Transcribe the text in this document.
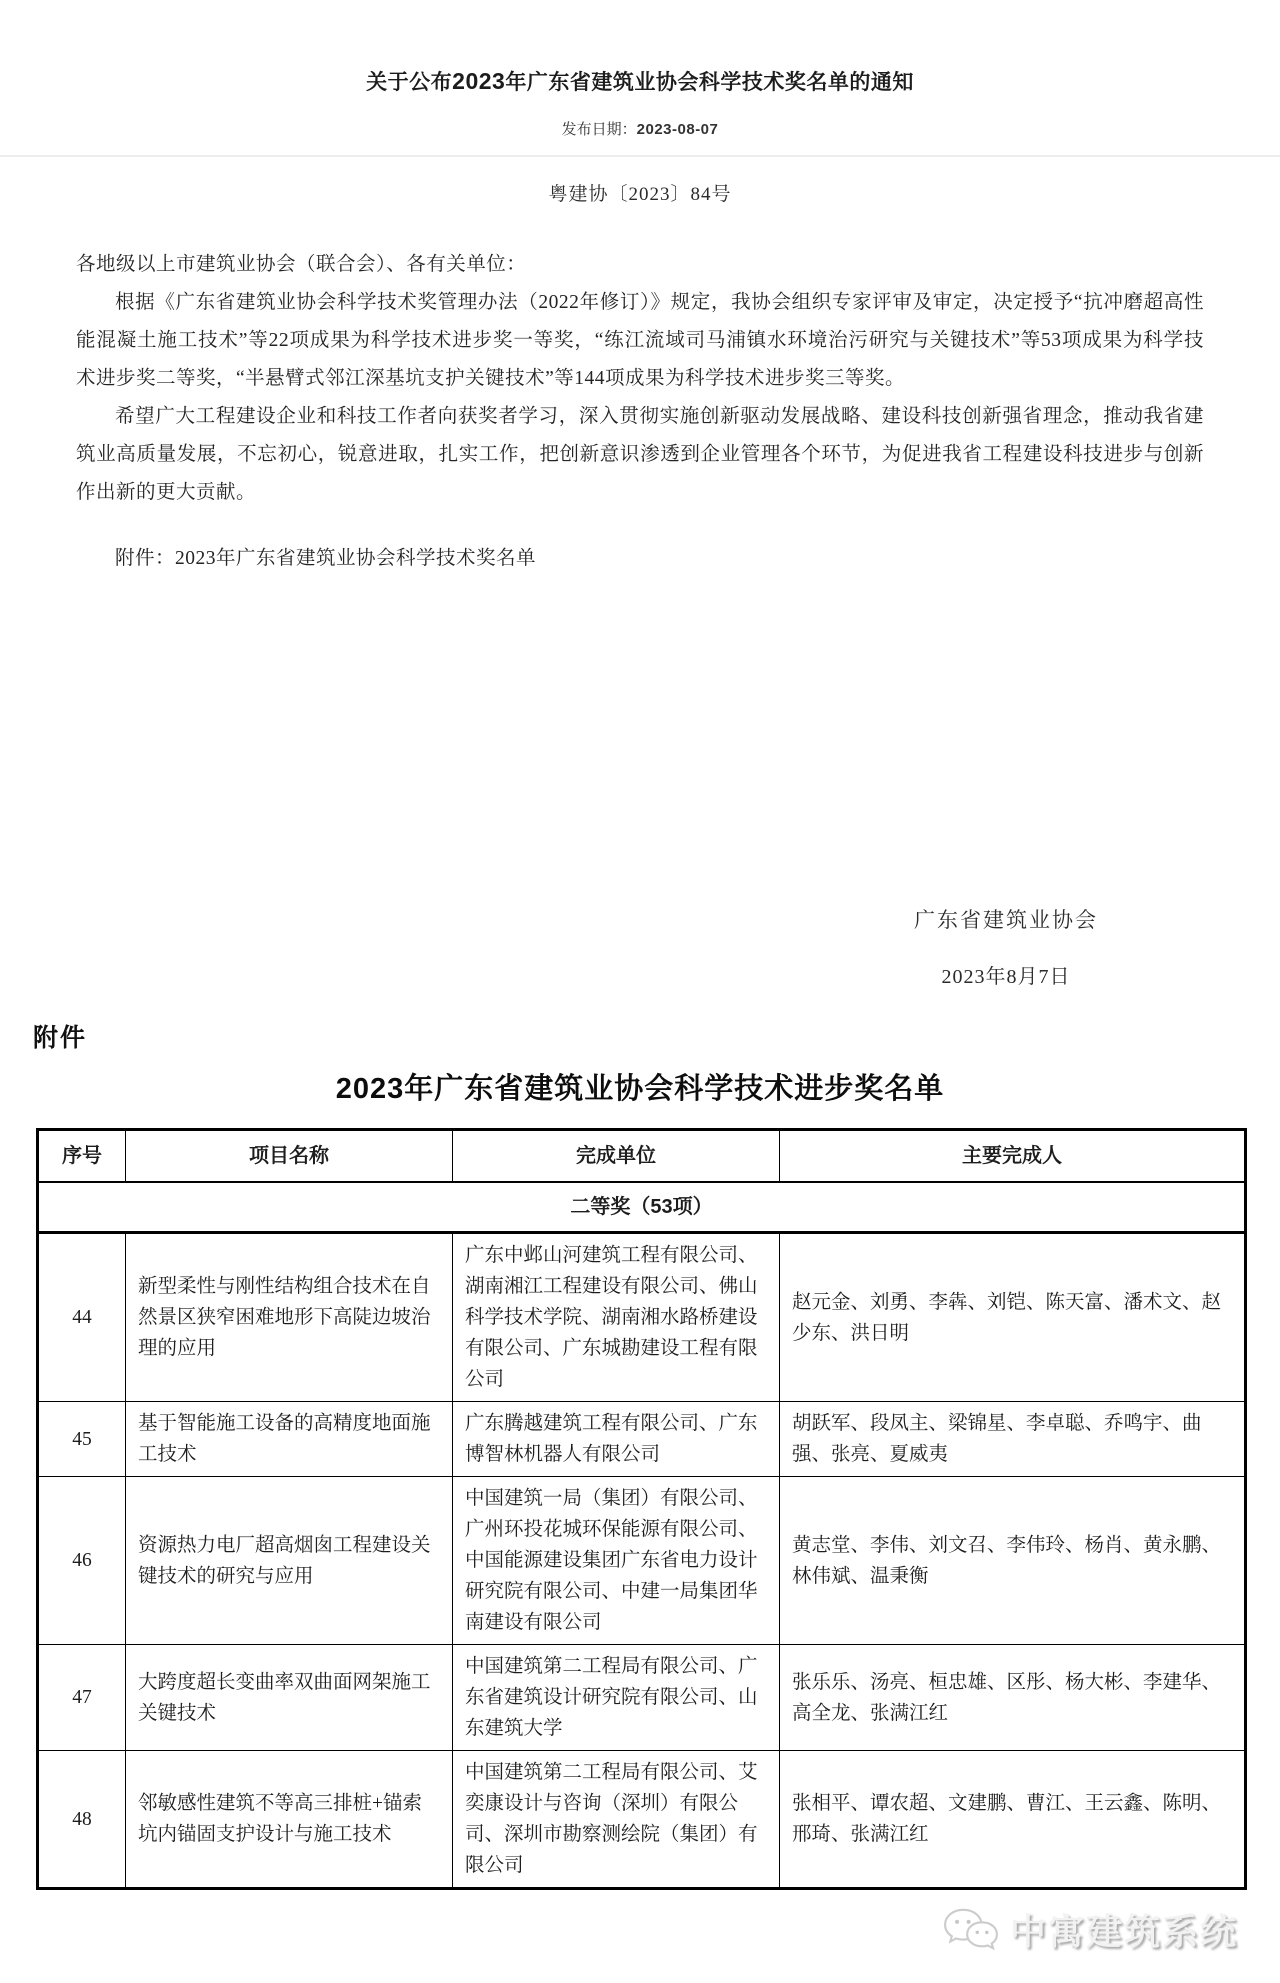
关于公布2023年广东省建筑业协会科学技术奖名单的通知
发布日期：2023-08-07
粤建协〔2023〕84号

各地级以上市建筑业协会（联合会）、各有关单位：

根据《广东省建筑业协会科学技术奖管理办法（2022年修订）》规定，我协会组织专家评审及审定，决定授予“抗冲磨超高性能混凝土施工技术”等22项成果为科学技术进步奖一等奖，“练江流域司马浦镇水环境治污研究与关键技术”等53项成果为科学技术进步奖二等奖，“半悬臂式邻江深基坑支护关键技术”等144项成果为科学技术进步奖三等奖。

希望广大工程建设企业和科技工作者向获奖者学习，深入贯彻实施创新驱动发展战略、建设科技创新强省理念，推动我省建筑业高质量发展，不忘初心，锐意进取，扎实工作，把创新意识渗透到企业管理各个环节，为促进我省工程建设科技进步与创新作出新的更大贡献。

附件：2023年广东省建筑业协会科学技术奖名单
广东省建筑业协会
2023年8月7日
附件
2023年广东省建筑业协会科学技术进步奖名单
序号	项目名称	完成单位	主要完成人
二等奖（53项）			
44	新型柔性与刚性结构组合技术在自然景区狭窄困难地形下高陡边坡治理的应用	广东中邺山河建筑工程有限公司、湖南湘江工程建设有限公司、佛山科学技术学院、湖南湘水路桥建设有限公司、广东城勘建设工程有限公司	赵元金、刘勇、李犇、刘铠、陈天富、潘术文、赵少东、洪日明
45	基于智能施工设备的高精度地面施工技术	广东腾越建筑工程有限公司、广东博智林机器人有限公司	胡跃军、段凤主、梁锦星、李卓聪、乔鸣宇、曲强、张亮、夏威夷
46	资源热力电厂超高烟囱工程建设关键技术的研究与应用	中国建筑一局（集团）有限公司、广州环投花城环保能源有限公司、中国能源建设集团广东省电力设计研究院有限公司、中建一局集团华南建设有限公司	黄志堂、李伟、刘文召、李伟玲、杨肖、黄永鹏、林伟斌、温秉衡
47	大跨度超长变曲率双曲面网架施工关键技术	中国建筑第二工程局有限公司、广东省建筑设计研究院有限公司、山东建筑大学	张乐乐、汤亮、桓忠雄、区彤、杨大彬、李建华、高全龙、张满江红
48	邻敏感性建筑不等高三排桩+锚索坑内锚固支护设计与施工技术	中国建筑第二工程局有限公司、艾奕康设计与咨询（深圳）有限公司、深圳市勘察测绘院（集团）有限公司	张相平、谭农超、文建鹏、曹江、王云鑫、陈明、邢琦、张满江红
中寓建筑系统
